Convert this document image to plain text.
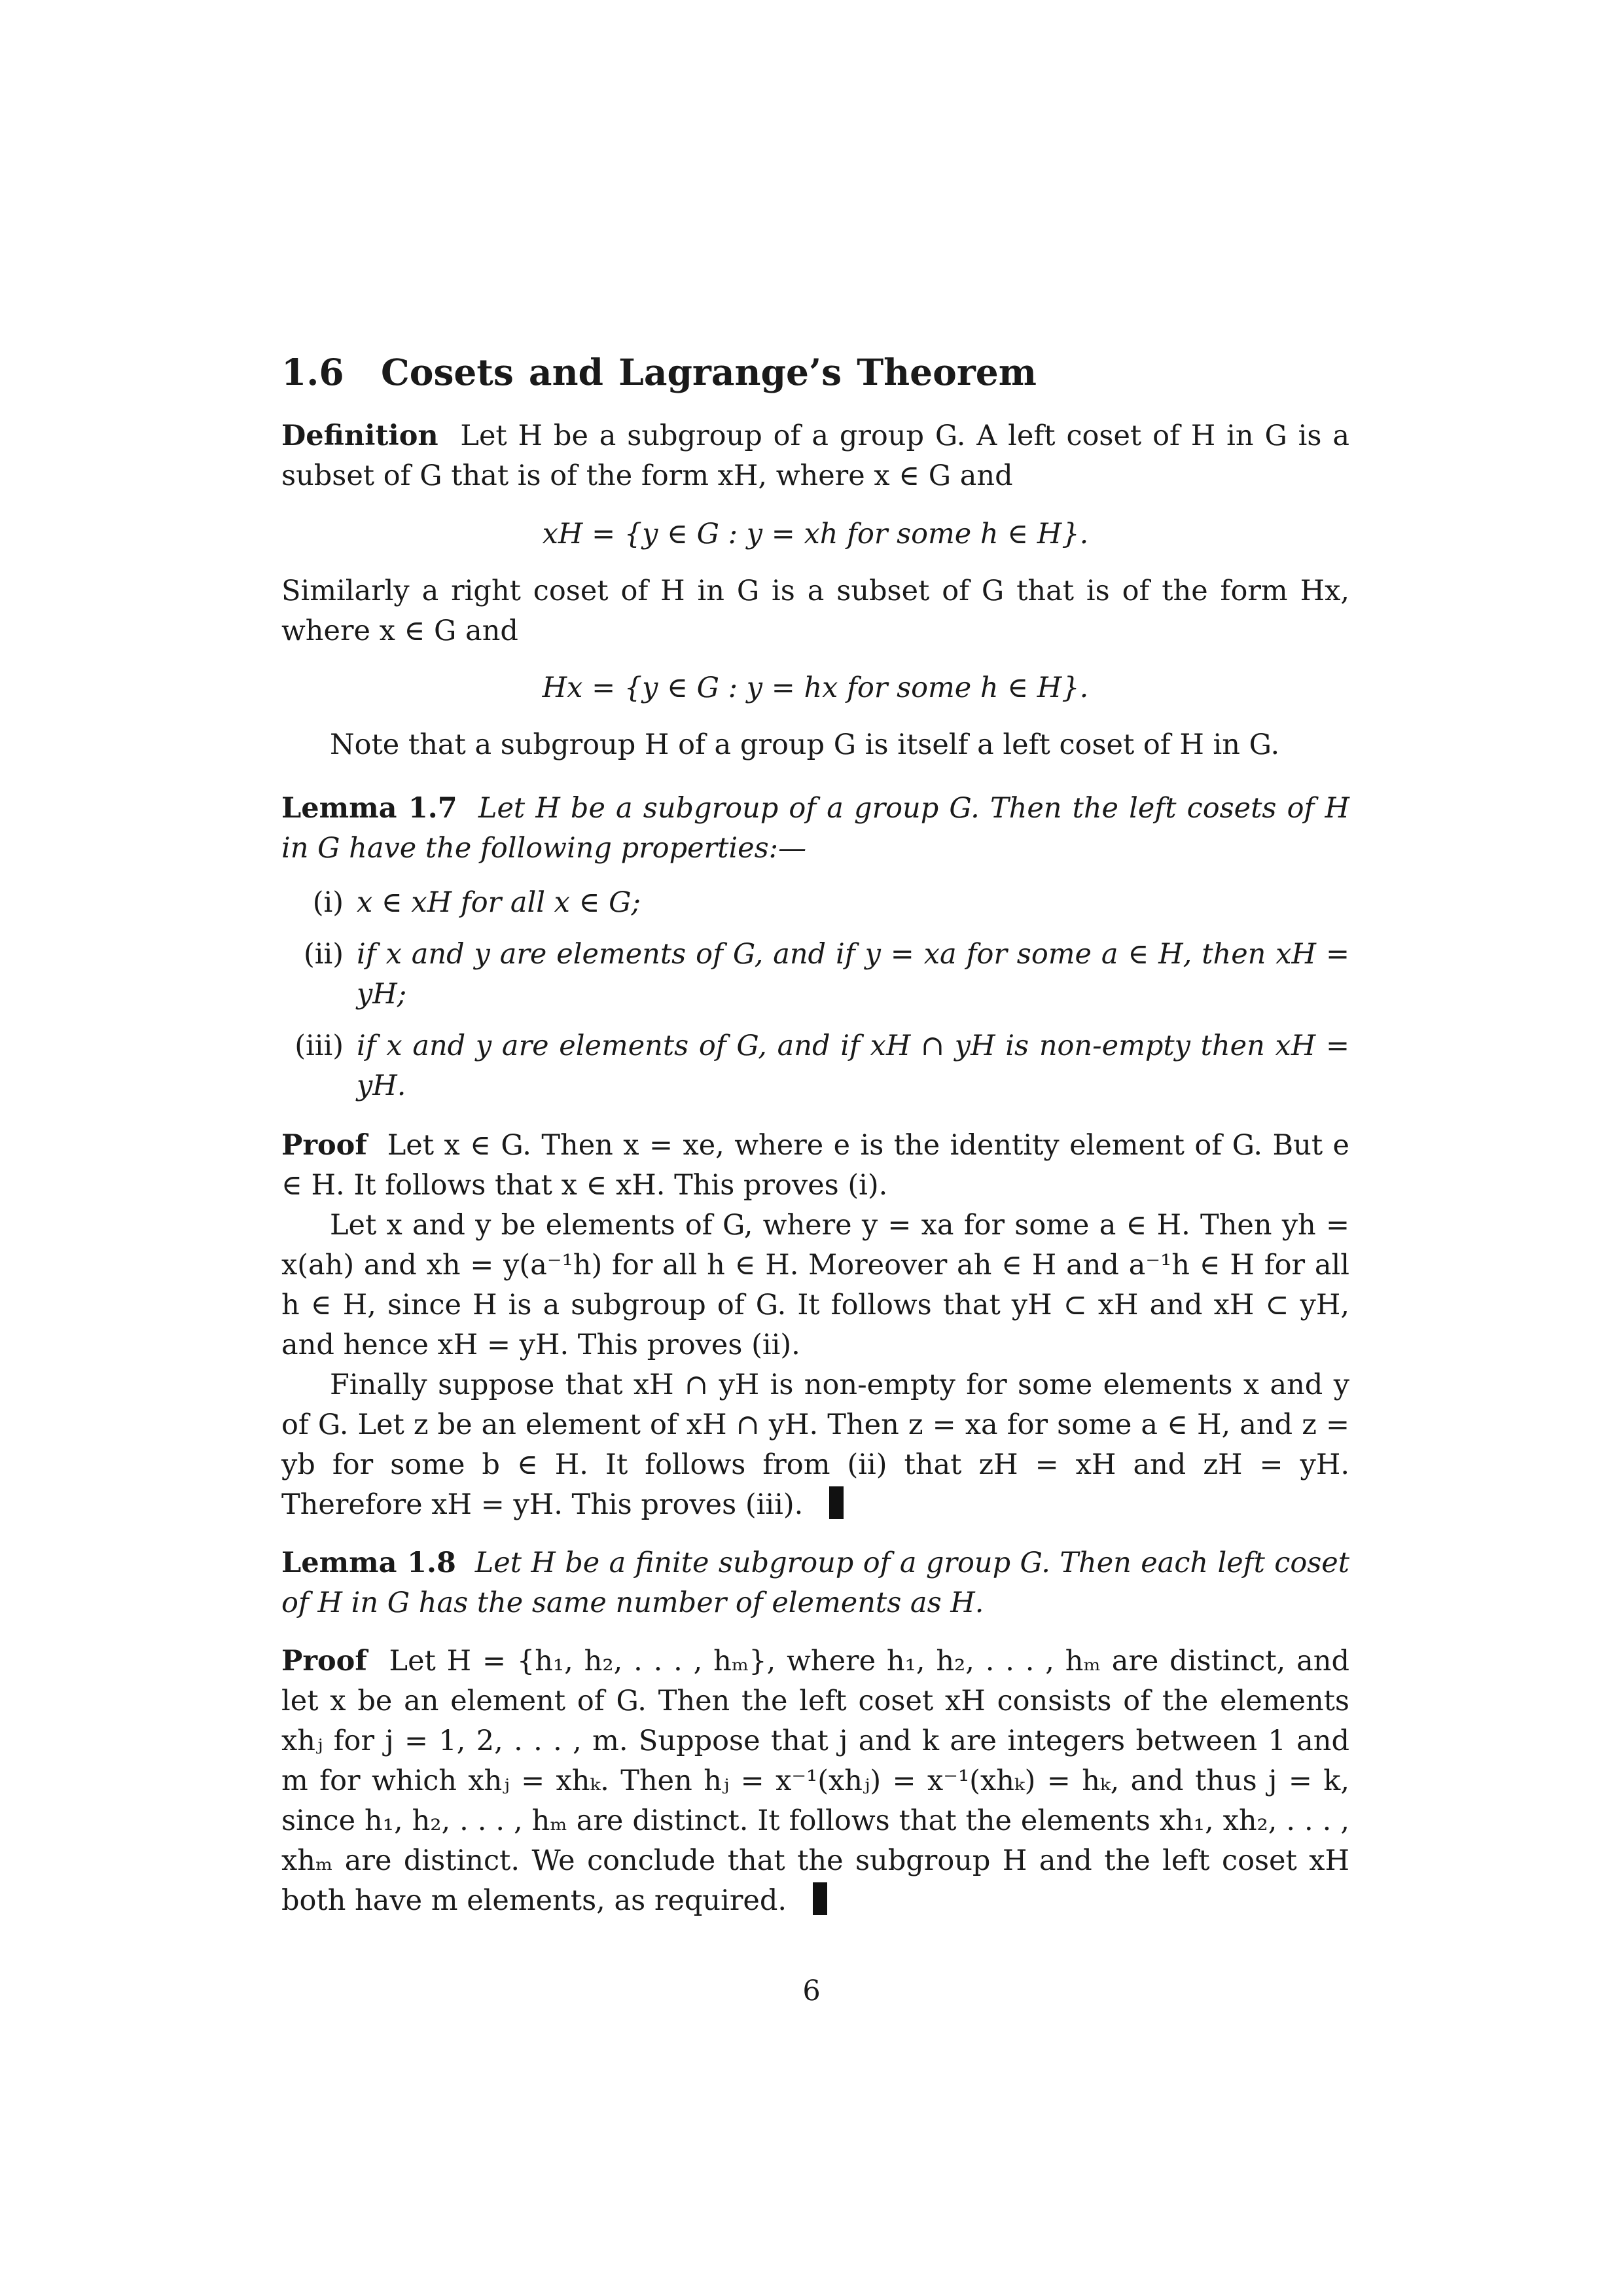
1.6 Cosets and Lagrange’s Theorem

Definition Let H be a subgroup of a group G. A left coset of H in G is a subset of G that is of the form xH, where x ∈ G and

xH = {y ∈ G : y = xh for some h ∈ H}.

Similarly a right coset of H in G is a subset of G that is of the form Hx, where x ∈ G and

Hx = {y ∈ G : y = hx for some h ∈ H}.

Note that a subgroup H of a group G is itself a left coset of H in G.

Lemma 1.7 Let H be a subgroup of a group G. Then the left cosets of H in G have the following properties:—

(i) x ∈ xH for all x ∈ G;
(ii) if x and y are elements of G, and if y = xa for some a ∈ H, then xH = yH;
(iii) if x and y are elements of G, and if xH ∩ yH is non-empty then xH = yH.

Proof Let x ∈ G. Then x = xe, where e is the identity element of G. But e ∈ H. It follows that x ∈ xH. This proves (i).

Let x and y be elements of G, where y = xa for some a ∈ H. Then yh = x(ah) and xh = y(a⁻¹h) for all h ∈ H. Moreover ah ∈ H and a⁻¹h ∈ H for all h ∈ H, since H is a subgroup of G. It follows that yH ⊂ xH and xH ⊂ yH, and hence xH = yH. This proves (ii).

Finally suppose that xH ∩ yH is non-empty for some elements x and y of G. Let z be an element of xH ∩ yH. Then z = xa for some a ∈ H, and z = yb for some b ∈ H. It follows from (ii) that zH = xH and zH = yH. Therefore xH = yH. This proves (iii).

Lemma 1.8 Let H be a finite subgroup of a group G. Then each left coset of H in G has the same number of elements as H.

Proof Let H = {h₁, h₂, . . . , hₘ}, where h₁, h₂, . . . , hₘ are distinct, and let x be an element of G. Then the left coset xH consists of the elements xhⱼ for j = 1, 2, . . . , m. Suppose that j and k are integers between 1 and m for which xhⱼ = xhₖ. Then hⱼ = x⁻¹(xhⱼ) = x⁻¹(xhₖ) = hₖ, and thus j = k, since h₁, h₂, . . . , hₘ are distinct. It follows that the elements xh₁, xh₂, . . . , xhₘ are distinct. We conclude that the subgroup H and the left coset xH both have m elements, as required.

6
